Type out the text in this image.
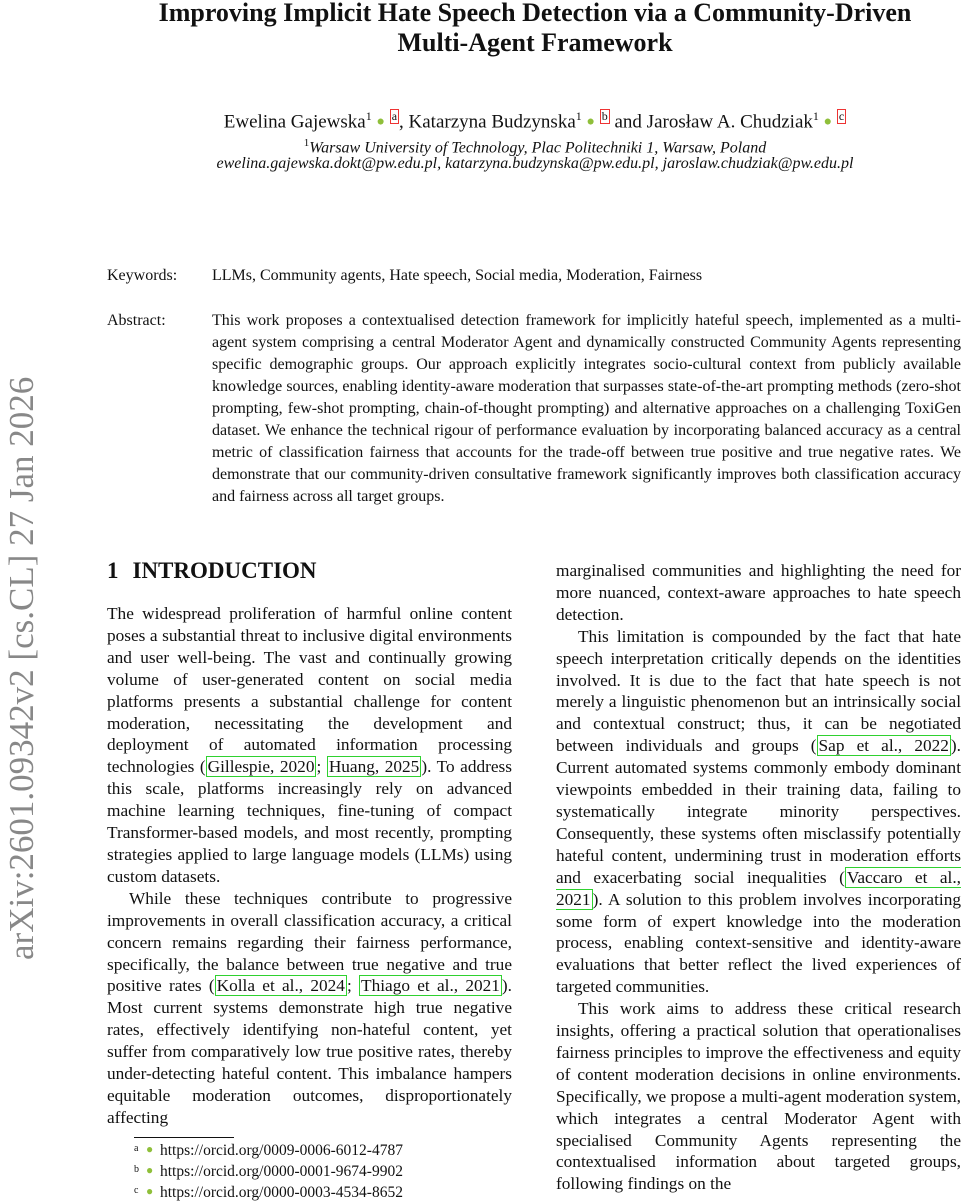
Improving Implicit Hate Speech Detection via a Community-Driven
Multi-Agent Framework
Ewelina Gajewska$^1$ ● a , Katarzyna Budzynska$^1$ ● b and Jarosław A. Chudziak$^1$ ● c
$^1$Warsaw University of Technology, Plac Politechniki 1, Warsaw, Poland
ewelina.gajewska.dokt@pw.edu.pl, katarzyna.budzynska@pw.edu.pl, jaroslaw.chudziak@pw.edu.pl
arXiv:2601.09342v2 [cs.CL] 27 Jan 2026
Keywords: LLMs, Community agents, Hate speech, Social media, Moderation, Fairness
Abstract:	This work proposes a contextualised detection framework for implicitly hateful speech, implemented as a multi-agent system comprising a central Moderator Agent and dynamically constructed Community Agents representing specific demographic groups. Our approach explicitly integrates socio-cultural context from publicly available knowledge sources, enabling identity-aware moderation that surpasses state-of-the-art prompting methods (zero-shot prompting, few-shot prompting, chain-of-thought prompting) and alternative approaches on a challenging ToxiGen dataset. We enhance the technical rigour of performance evaluation by incorporating balanced accuracy as a central metric of classification fairness that accounts for the trade-off between true positive and true negative rates. We demonstrate that our community-driven consultative framework significantly improves both classification accuracy and fairness across all target groups.
1 INTRODUCTION

The widespread proliferation of harmful online content poses a substantial threat to inclusive digital environments and user well-being. The vast and continually growing volume of user-generated content on social media platforms presents a substantial challenge for content moderation, necessitating the development and deployment of automated information processing technologies ( Gillespie, 2020 ; Huang, 2025 ). To address this scale, platforms increasingly rely on advanced machine learning techniques, fine-tuning of compact Transformer-based models, and most recently, prompting strategies applied to large language models (LLMs) using custom datasets.

While these techniques contribute to progressive improvements in overall classification accuracy, a critical concern remains regarding their fairness performance, specifically, the balance between true negative and true positive rates ( Kolla et al., 2024 ; Thiago et al., 2021 ). Most current systems demonstrate high true negative rates, effectively identifying non-hateful content, yet suffer from comparatively low true positive rates, thereby under-detecting hateful content. This imbalance hampers equitable moderation outcomes, disproportionately affecting

marginalised communities and highlighting the need for more nuanced, context-aware approaches to hate speech detection.

This limitation is compounded by the fact that hate speech interpretation critically depends on the identities involved. It is due to the fact that hate speech is not merely a linguistic phenomenon but an intrinsically social and contextual construct; thus, it can be negotiated between individuals and groups ( Sap et al., 2022 ). Current automated systems commonly embody dominant viewpoints embedded in their training data, failing to systematically integrate minority perspectives. Consequently, these systems often misclassify potentially hateful content, undermining trust in moderation efforts and exacerbating social inequalities ( Vaccaro et al., 2021 ). A solution to this problem involves incorporating some form of expert knowledge into the moderation process, enabling context-sensitive and identity-aware evaluations that better reflect the lived experiences of targeted communities.

This work aims to address these critical research insights, offering a practical solution that operationalises fairness principles to improve the effectiveness and equity of content moderation decisions in online environments. Specifically, we propose a multi-agent moderation system, which integrates a central Moderator Agent with specialised Community Agents representing the contextualised information about targeted groups, following findings on the

a ● https://orcid.org/0009-0006-6012-4787
b ● https://orcid.org/0000-0001-9674-9902
c ● https://orcid.org/0000-0003-4534-8652
